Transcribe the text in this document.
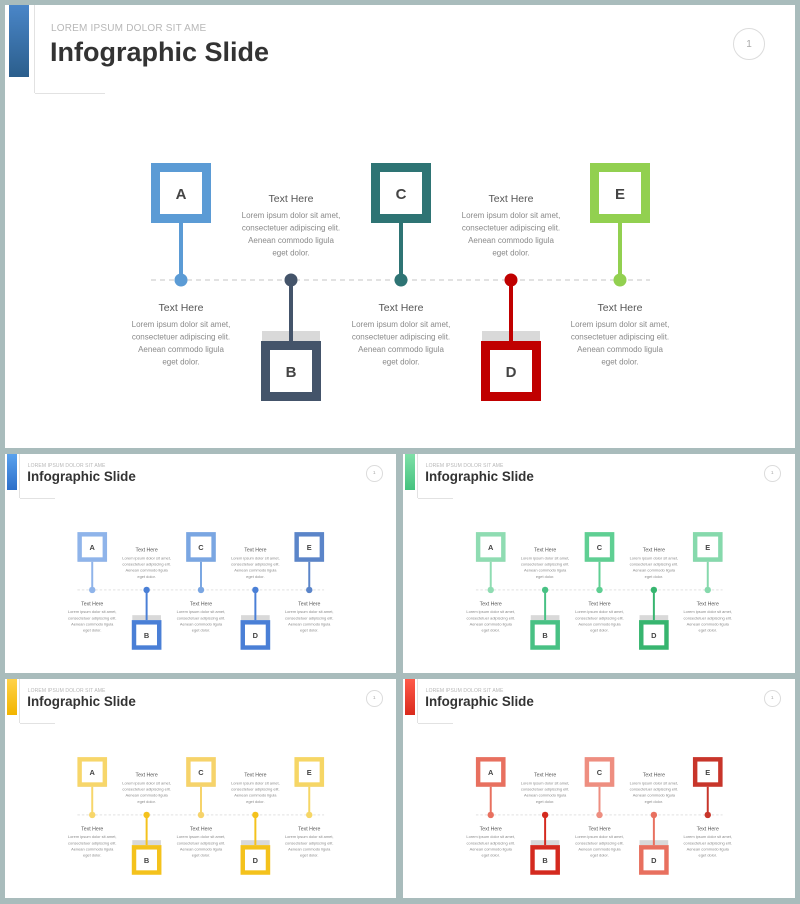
LOREM IPSUM DOLOR SIT AME
Infographic Slide	1
A
Text Here
Lorem ipsum dolor sit amet,
consectetuer adipiscing elit.
Aenean commodo ligula
eget dolor.
B
Text Here
Lorem ipsum dolor sit amet,
consectetuer adipiscing elit.
Aenean commodo ligula
eget dolor.
C
Text Here
Lorem ipsum dolor sit amet,
consectetuer adipiscing elit.
Aenean commodo ligula
eget dolor.
D
Text Here
Lorem ipsum dolor sit amet,
consectetuer adipiscing elit.
Aenean commodo ligula
eget dolor.
E
Text Here
Lorem ipsum dolor sit amet,
consectetuer adipiscing elit.
Aenean commodo ligula
eget dolor.
LOREM IPSUM DOLOR SIT AME
Infographic Slide	1
A
Text Here
Lorem ipsum dolor sit amet,
consectetuer adipiscing elit.
Aenean commodo ligula
eget dolor.
B
Text Here
Lorem ipsum dolor sit amet,
consectetuer adipiscing elit.
Aenean commodo ligula
eget dolor.
C
Text Here
Lorem ipsum dolor sit amet,
consectetuer adipiscing elit.
Aenean commodo ligula
eget dolor.
D
Text Here
Lorem ipsum dolor sit amet,
consectetuer adipiscing elit.
Aenean commodo ligula
eget dolor.
E
Text Here
Lorem ipsum dolor sit amet,
consectetuer adipiscing elit.
Aenean commodo ligula
eget dolor.
LOREM IPSUM DOLOR SIT AME
Infographic Slide	1
A
Text Here
Lorem ipsum dolor sit amet,
consectetuer adipiscing elit.
Aenean commodo ligula
eget dolor.
B
Text Here
Lorem ipsum dolor sit amet,
consectetuer adipiscing elit.
Aenean commodo ligula
eget dolor.
C
Text Here
Lorem ipsum dolor sit amet,
consectetuer adipiscing elit.
Aenean commodo ligula
eget dolor.
D
Text Here
Lorem ipsum dolor sit amet,
consectetuer adipiscing elit.
Aenean commodo ligula
eget dolor.
E
Text Here
Lorem ipsum dolor sit amet,
consectetuer adipiscing elit.
Aenean commodo ligula
eget dolor.
LOREM IPSUM DOLOR SIT AME
Infographic Slide	1
A
Text Here
Lorem ipsum dolor sit amet,
consectetuer adipiscing elit.
Aenean commodo ligula
eget dolor.
B
Text Here
Lorem ipsum dolor sit amet,
consectetuer adipiscing elit.
Aenean commodo ligula
eget dolor.
C
Text Here
Lorem ipsum dolor sit amet,
consectetuer adipiscing elit.
Aenean commodo ligula
eget dolor.
D
Text Here
Lorem ipsum dolor sit amet,
consectetuer adipiscing elit.
Aenean commodo ligula
eget dolor.
E
Text Here
Lorem ipsum dolor sit amet,
consectetuer adipiscing elit.
Aenean commodo ligula
eget dolor.
LOREM IPSUM DOLOR SIT AME
Infographic Slide	1
A
Text Here
Lorem ipsum dolor sit amet,
consectetuer adipiscing elit.
Aenean commodo ligula
eget dolor.
B
Text Here
Lorem ipsum dolor sit amet,
consectetuer adipiscing elit.
Aenean commodo ligula
eget dolor.
C
Text Here
Lorem ipsum dolor sit amet,
consectetuer adipiscing elit.
Aenean commodo ligula
eget dolor.
D
Text Here
Lorem ipsum dolor sit amet,
consectetuer adipiscing elit.
Aenean commodo ligula
eget dolor.
E
Text Here
Lorem ipsum dolor sit amet,
consectetuer adipiscing elit.
Aenean commodo ligula
eget dolor.
